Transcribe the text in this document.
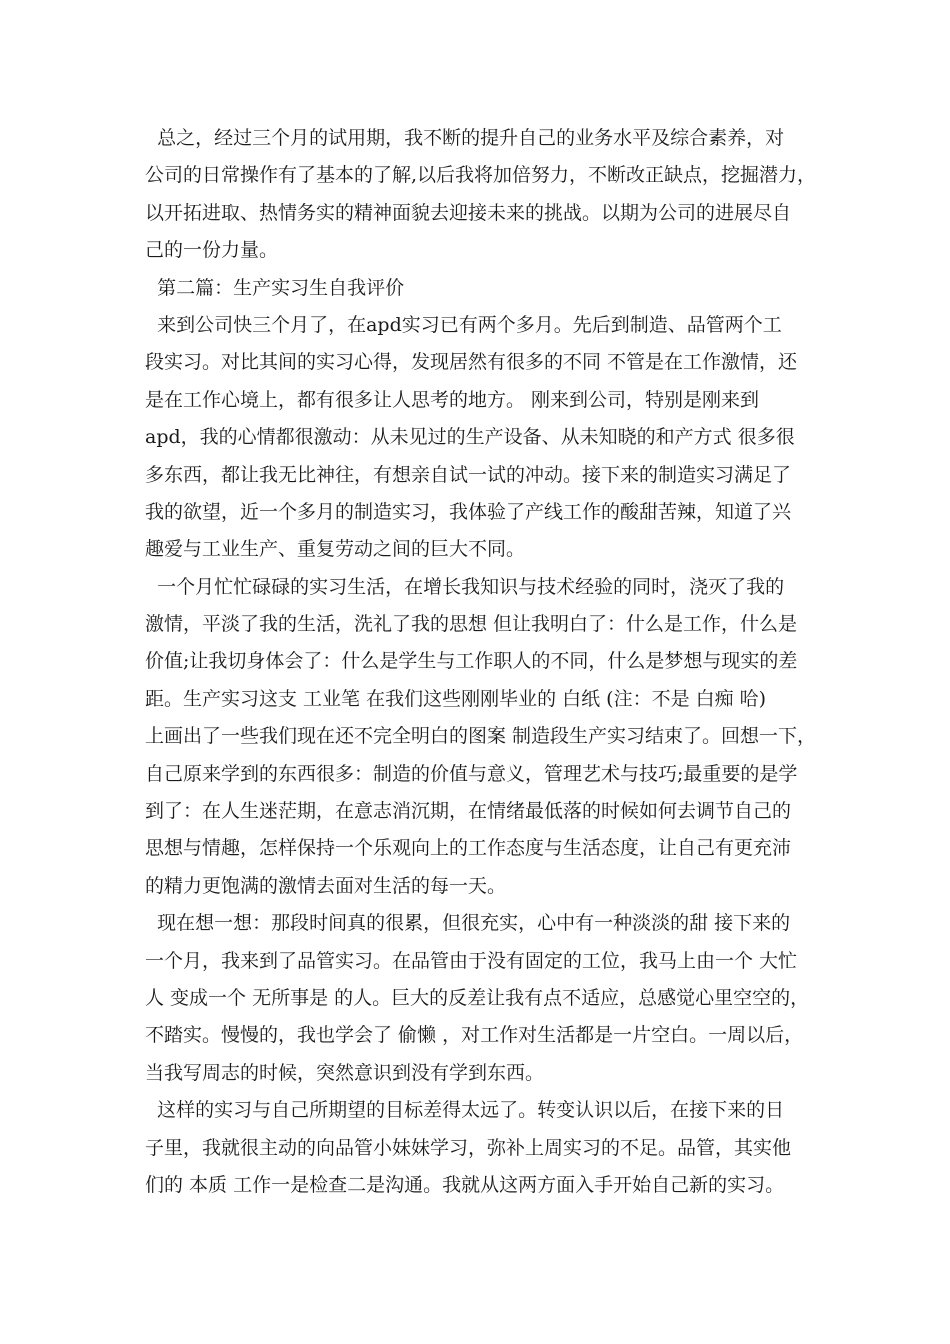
总之，经过三个月的试用期，我不断的提升自己的业务水平及综合素养，对
公司的日常操作有了基本的了解,以后我将加倍努力，不断改正缺点，挖掘潜力，
以开拓进取、热情务实的精神面貌去迎接未来的挑战。以期为公司的进展尽自
己的一份力量。
第二篇：生产实习生自我评价
来到公司快三个月了，在apd实习已有两个多月。先后到制造、品管两个工
段实习。对比其间的实习心得，发现居然有很多的不同 不管是在工作激情，还
是在工作心境上，都有很多让人思考的地方。 刚来到公司，特别是刚来到
apd，我的心情都很激动：从未见过的生产设备、从未知晓的和产方式 很多很
多东西，都让我无比神往，有想亲自试一试的冲动。接下来的制造实习满足了
我的欲望，近一个多月的制造实习，我体验了产线工作的酸甜苦辣，知道了兴
趣爱与工业生产、重复劳动之间的巨大不同。
一个月忙忙碌碌的实习生活，在增长我知识与技术经验的同时，浇灭了我的
激情，平淡了我的生活，洗礼了我的思想 但让我明白了：什么是工作，什么是
价值;让我切身体会了：什么是学生与工作职人的不同，什么是梦想与现实的差
距。生产实习这支 工业笔 在我们这些刚刚毕业的 白纸 (注：不是 白痴 哈)
上画出了一些我们现在还不完全明白的图案 制造段生产实习结束了。回想一下，
自己原来学到的东西很多：制造的价值与意义，管理艺术与技巧;最重要的是学
到了：在人生迷茫期，在意志消沉期，在情绪最低落的时候如何去调节自己的
思想与情趣，怎样保持一个乐观向上的工作态度与生活态度，让自己有更充沛
的精力更饱满的激情去面对生活的每一天。
现在想一想：那段时间真的很累，但很充实，心中有一种淡淡的甜 接下来的
一个月，我来到了品管实习。在品管由于没有固定的工位，我马上由一个 大忙
人 变成一个 无所事是 的人。巨大的反差让我有点不适应，总感觉心里空空的，
不踏实。慢慢的，我也学会了 偷懒 ，对工作对生活都是一片空白。一周以后，
当我写周志的时候，突然意识到没有学到东西。
这样的实习与自己所期望的目标差得太远了。转变认识以后，在接下来的日
子里，我就很主动的向品管小妹妹学习，弥补上周实习的不足。品管，其实他
们的 本质 工作一是检查二是沟通。我就从这两方面入手开始自己新的实习。
